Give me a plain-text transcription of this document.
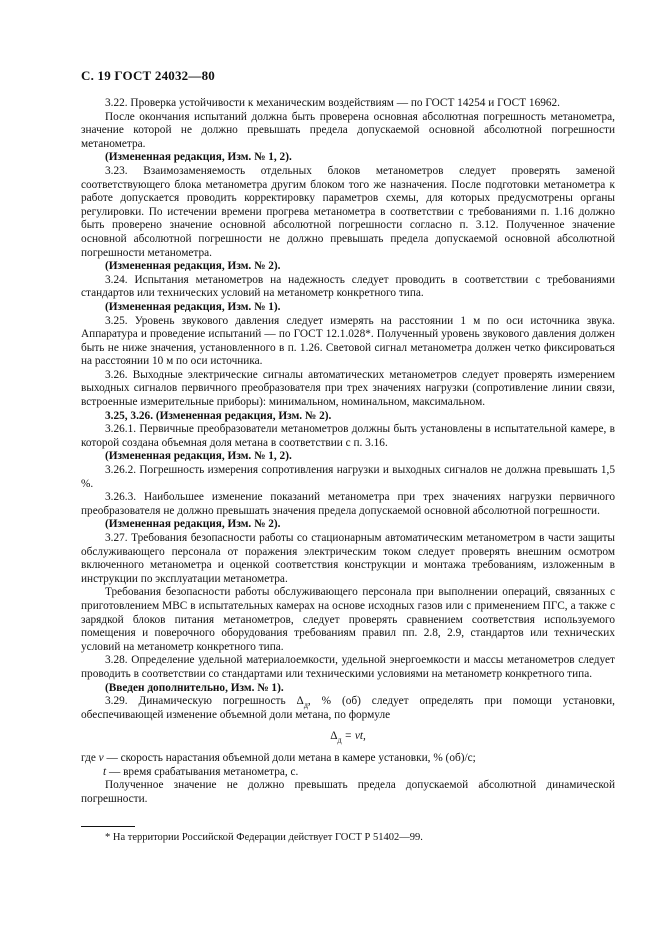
С. 19 ГОСТ 24032—80

3.22. Проверка устойчивости к механическим воздействиям — по ГОСТ 14254 и ГОСТ 16962.

После окончания испытаний должна быть проверена основная абсолютная погрешность метанометра, значение которой не должно превышать предела допускаемой основной абсолютной погрешности метанометра.

(Измененная редакция, Изм. № 1, 2).

3.23. Взаимозаменяемость отдельных блоков метанометров следует проверять заменой соответствующего блока метанометра другим блоком того же назначения. После подготовки метанометра к работе допускается проводить корректировку параметров схемы, для которых предусмотрены органы регулировки. По истечении времени прогрева метанометра в соответствии с требованиями п. 1.16 должно быть проверено значение основной абсолютной погрешности согласно п. 3.12. Полученное значение основной абсолютной погрешности не должно превышать предела допускаемой основной абсолютной погрешности метанометра.

(Измененная редакция, Изм. № 2).

3.24. Испытания метанометров на надежность следует проводить в соответствии с требованиями стандартов или технических условий на метанометр конкретного типа.

(Измененная редакция, Изм. № 1).

3.25. Уровень звукового давления следует измерять на расстоянии 1 м по оси источника звука. Аппаратура и проведение испытаний — по ГОСТ 12.1.028*. Полученный уровень звукового давления должен быть не ниже значения, установленного в п. 1.26. Световой сигнал метанометра должен четко фиксироваться на расстоянии 10 м по оси источника.

3.26. Выходные электрические сигналы автоматических метанометров следует проверять измерением выходных сигналов первичного преобразователя при трех значениях нагрузки (сопротивление линии связи, встроенные измерительные приборы): минимальном, номинальном, максимальном.

3.25, 3.26. (Измененная редакция, Изм. № 2).

3.26.1. Первичные преобразователи метанометров должны быть установлены в испытательной камере, в которой создана объемная доля метана в соответствии с п. 3.16.

(Измененная редакция, Изм. № 1, 2).

3.26.2. Погрешность измерения сопротивления нагрузки и выходных сигналов не должна превышать 1,5 %.

3.26.3. Наибольшее изменение показаний метанометра при трех значениях нагрузки первичного преобразователя не должно превышать значения предела допускаемой основной абсолютной погрешности.

(Измененная редакция, Изм. № 2).

3.27. Требования безопасности работы со стационарным автоматическим метанометром в части защиты обслуживающего персонала от поражения электрическим током следует проверять внешним осмотром включенного метанометра и оценкой соответствия конструкции и монтажа требованиям, изложенным в инструкции по эксплуатации метанометра.

Требования безопасности работы обслуживающего персонала при выполнении операций, связанных с приготовлением МВС в испытательных камерах на основе исходных газов или с применением ПГС, а также с зарядкой блоков питания метанометров, следует проверять сравнением соответствия используемого помещения и поверочного оборудования требованиям правил пп. 2.8, 2.9, стандартов или технических условий на метанометр конкретного типа.

3.28. Определение удельной материалоемкости, удельной энергоемкости и массы метанометров следует проводить в соответствии со стандартами или техническими условиями на метанометр конкретного типа.

(Введен дополнительно, Изм. № 1).

3.29. Динамическую погрешность $\Delta_д$, % (об) следует определять при помощи установки, обеспечивающей изменение объемной доли метана, по формуле

$\Delta_д$ = vt,

где v — скорость нарастания объемной доли метана в камере установки, % (об)/с;

t — время срабатывания метанометра, с.

Полученное значение не должно превышать предела допускаемой абсолютной динамической погрешности.

* На территории Российской Федерации действует ГОСТ Р 51402—99.
